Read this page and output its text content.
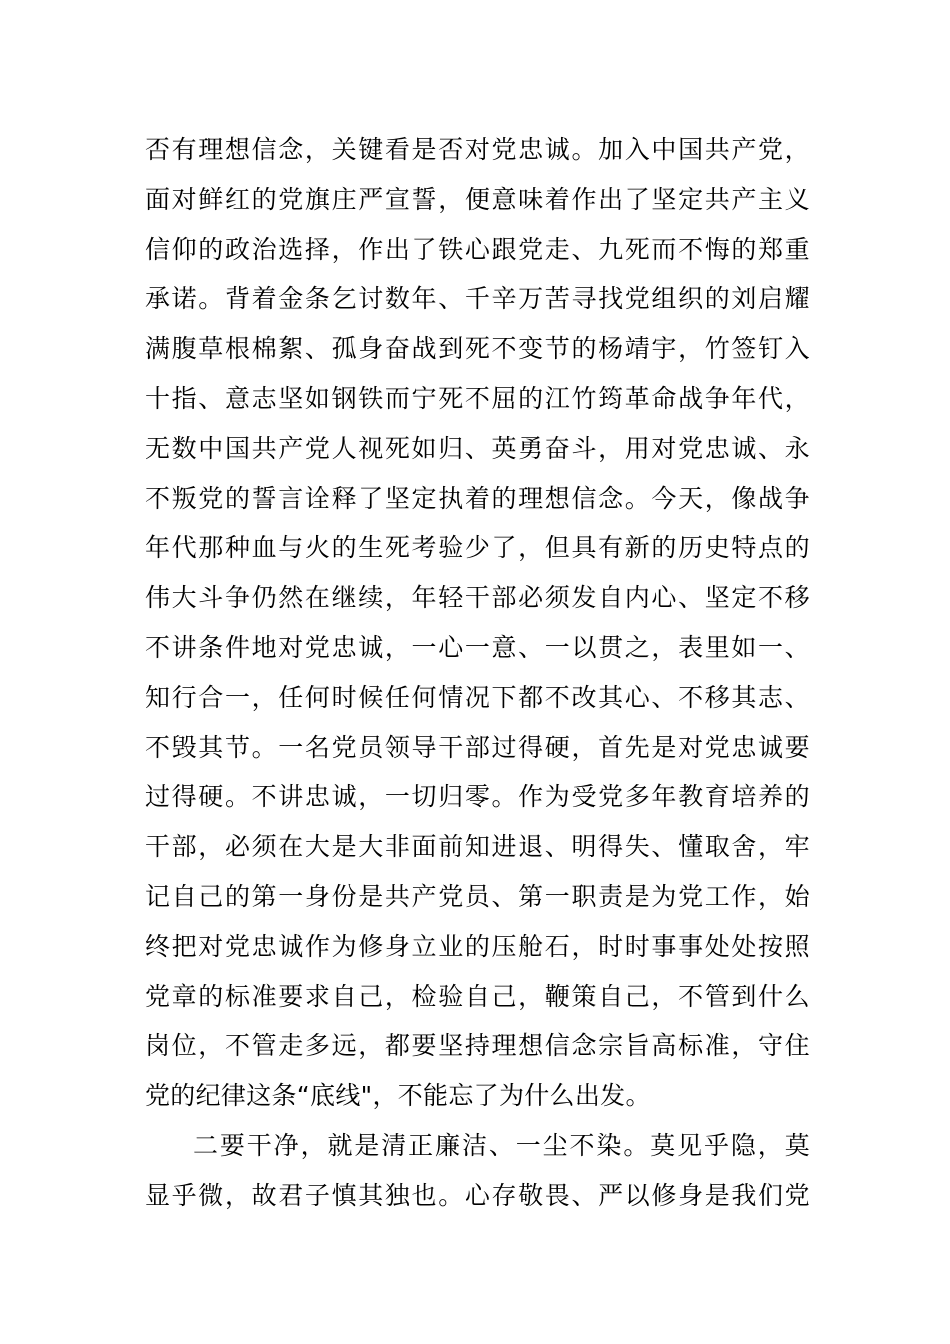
否有理想信念，关键看是否对党忠诚。加入中国共产党，
面对鲜红的党旗庄严宣誓，便意味着作出了坚定共产主义
信仰的政治选择，作出了铁心跟党走、九死而不悔的郑重
承诺。背着金条乞讨数年、千辛万苦寻找党组织的刘启耀
满腹草根棉絮、孤身奋战到死不变节的杨靖宇，竹签钉入
十指、意志坚如钢铁而宁死不屈的江竹筠革命战争年代，
无数中国共产党人视死如归、英勇奋斗，用对党忠诚、永
不叛党的誓言诠释了坚定执着的理想信念。今天，像战争
年代那种血与火的生死考验少了，但具有新的历史特点的
伟大斗争仍然在继续，年轻干部必须发自内心、坚定不移
不讲条件地对党忠诚，一心一意、一以贯之，表里如一、
知行合一，任何时候任何情况下都不改其心、不移其志、
不毁其节。一名党员领导干部过得硬，首先是对党忠诚要
过得硬。不讲忠诚，一切归零。作为受党多年教育培养的
干部，必须在大是大非面前知进退、明得失、懂取舍，牢
记自己的第一身份是共产党员、第一职责是为党工作，始
终把对党忠诚作为修身立业的压舱石，时时事事处处按照
党章的标准要求自己，检验自己，鞭策自己，不管到什么
岗位，不管走多远，都要坚持理想信念宗旨高标准，守住
党的纪律这条“底线"，不能忘了为什么出发。
二要干净，就是清正廉洁、一尘不染。莫见乎隐，莫
显乎微，故君子慎其独也。心存敬畏、严以修身是我们党
